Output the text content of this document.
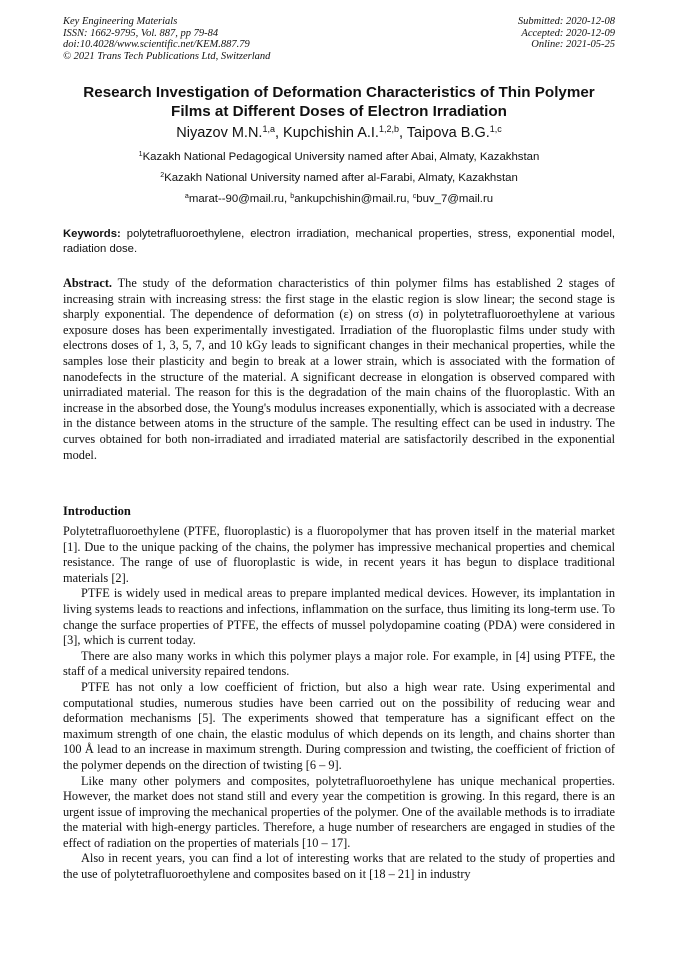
Key Engineering Materials
ISSN: 1662-9795, Vol. 887, pp 79-84
doi:10.4028/www.scientific.net/KEM.887.79
© 2021 Trans Tech Publications Ltd, Switzerland
Submitted: 2020-12-08
Accepted: 2020-12-09
Online: 2021-05-25
Research Investigation of Deformation Characteristics of Thin Polymer
Films at Different Doses of Electron Irradiation
Niyazov M.N.$^{1,a}$, Kupchishin A.I.$^{1,2,b}$, Taipova B.G.$^{1,c}$
$^1$Kazakh National Pedagogical University named after Abai, Almaty, Kazakhstan
$^2$Kazakh National University named after al-Farabi, Almaty, Kazakhstan
$^a$marat--90@mail.ru, $^b$ankupchishin@mail.ru, $^c$buv_7@mail.ru
Keywords: polytetrafluoroethylene, electron irradiation, mechanical properties, stress, exponential model, radiation dose.
Abstract. The study of the deformation characteristics of thin polymer films has established 2 stages of increasing strain with increasing stress: the first stage in the elastic region is slow linear; the second stage is sharply exponential. The dependence of deformation (ε) on stress (σ) in polytetrafluoroethylene at various exposure doses has been experimentally investigated. Irradiation of the fluoroplastic films under study with electrons doses of 1, 3, 5, 7, and 10 kGy leads to significant changes in their mechanical properties, while the samples lose their plasticity and begin to break at a lower strain, which is associated with the formation of nanodefects in the structure of the material. A significant decrease in elongation is observed compared with unirradiated material. The reason for this is the degradation of the main chains of the fluoroplastic. With an increase in the absorbed dose, the Young's modulus increases exponentially, which is associated with a decrease in the distance between atoms in the structure of the sample. The resulting effect can be used in industry. The curves obtained for both non-irradiated and irradiated material are satisfactorily described in the exponential model.
Introduction

Polytetrafluoroethylene (PTFE, fluoroplastic) is a fluoropolymer that has proven itself in the material market [1]. Due to the unique packing of the chains, the polymer has impressive mechanical properties and chemical resistance. The range of use of fluoroplastic is wide, in recent years it has begun to displace traditional materials [2].

PTFE is widely used in medical areas to prepare implanted medical devices. However, its implantation in living systems leads to reactions and infections, inflammation on the surface, thus limiting its long-term use. To change the surface properties of PTFE, the effects of mussel polydopamine coating (PDA) were considered in [3], which is current today.

There are also many works in which this polymer plays a major role. For example, in [4] using PTFE, the staff of a medical university repaired tendons.

PTFE has not only a low coefficient of friction, but also a high wear rate. Using experimental and computational studies, numerous studies have been carried out on the possibility of reducing wear and deformation mechanisms [5]. The experiments showed that temperature has a significant effect on the maximum strength of one chain, the elastic modulus of which depends on its length, and chains shorter than 100 Å lead to an increase in maximum strength. During compression and twisting, the coefficient of friction of the polymer depends on the direction of twisting [6 – 9].

Like many other polymers and composites, polytetrafluoroethylene has unique mechanical properties. However, the market does not stand still and every year the competition is growing. In this regard, there is an urgent issue of improving the mechanical properties of the polymer. One of the available methods is to irradiate the material with high-energy particles. Therefore, a huge number of researchers are engaged in studies of the effect of radiation on the properties of materials [10 – 17].

Also in recent years, you can find a lot of interesting works that are related to the study of properties and the use of polytetrafluoroethylene and composites based on it [18 – 21] in industry
